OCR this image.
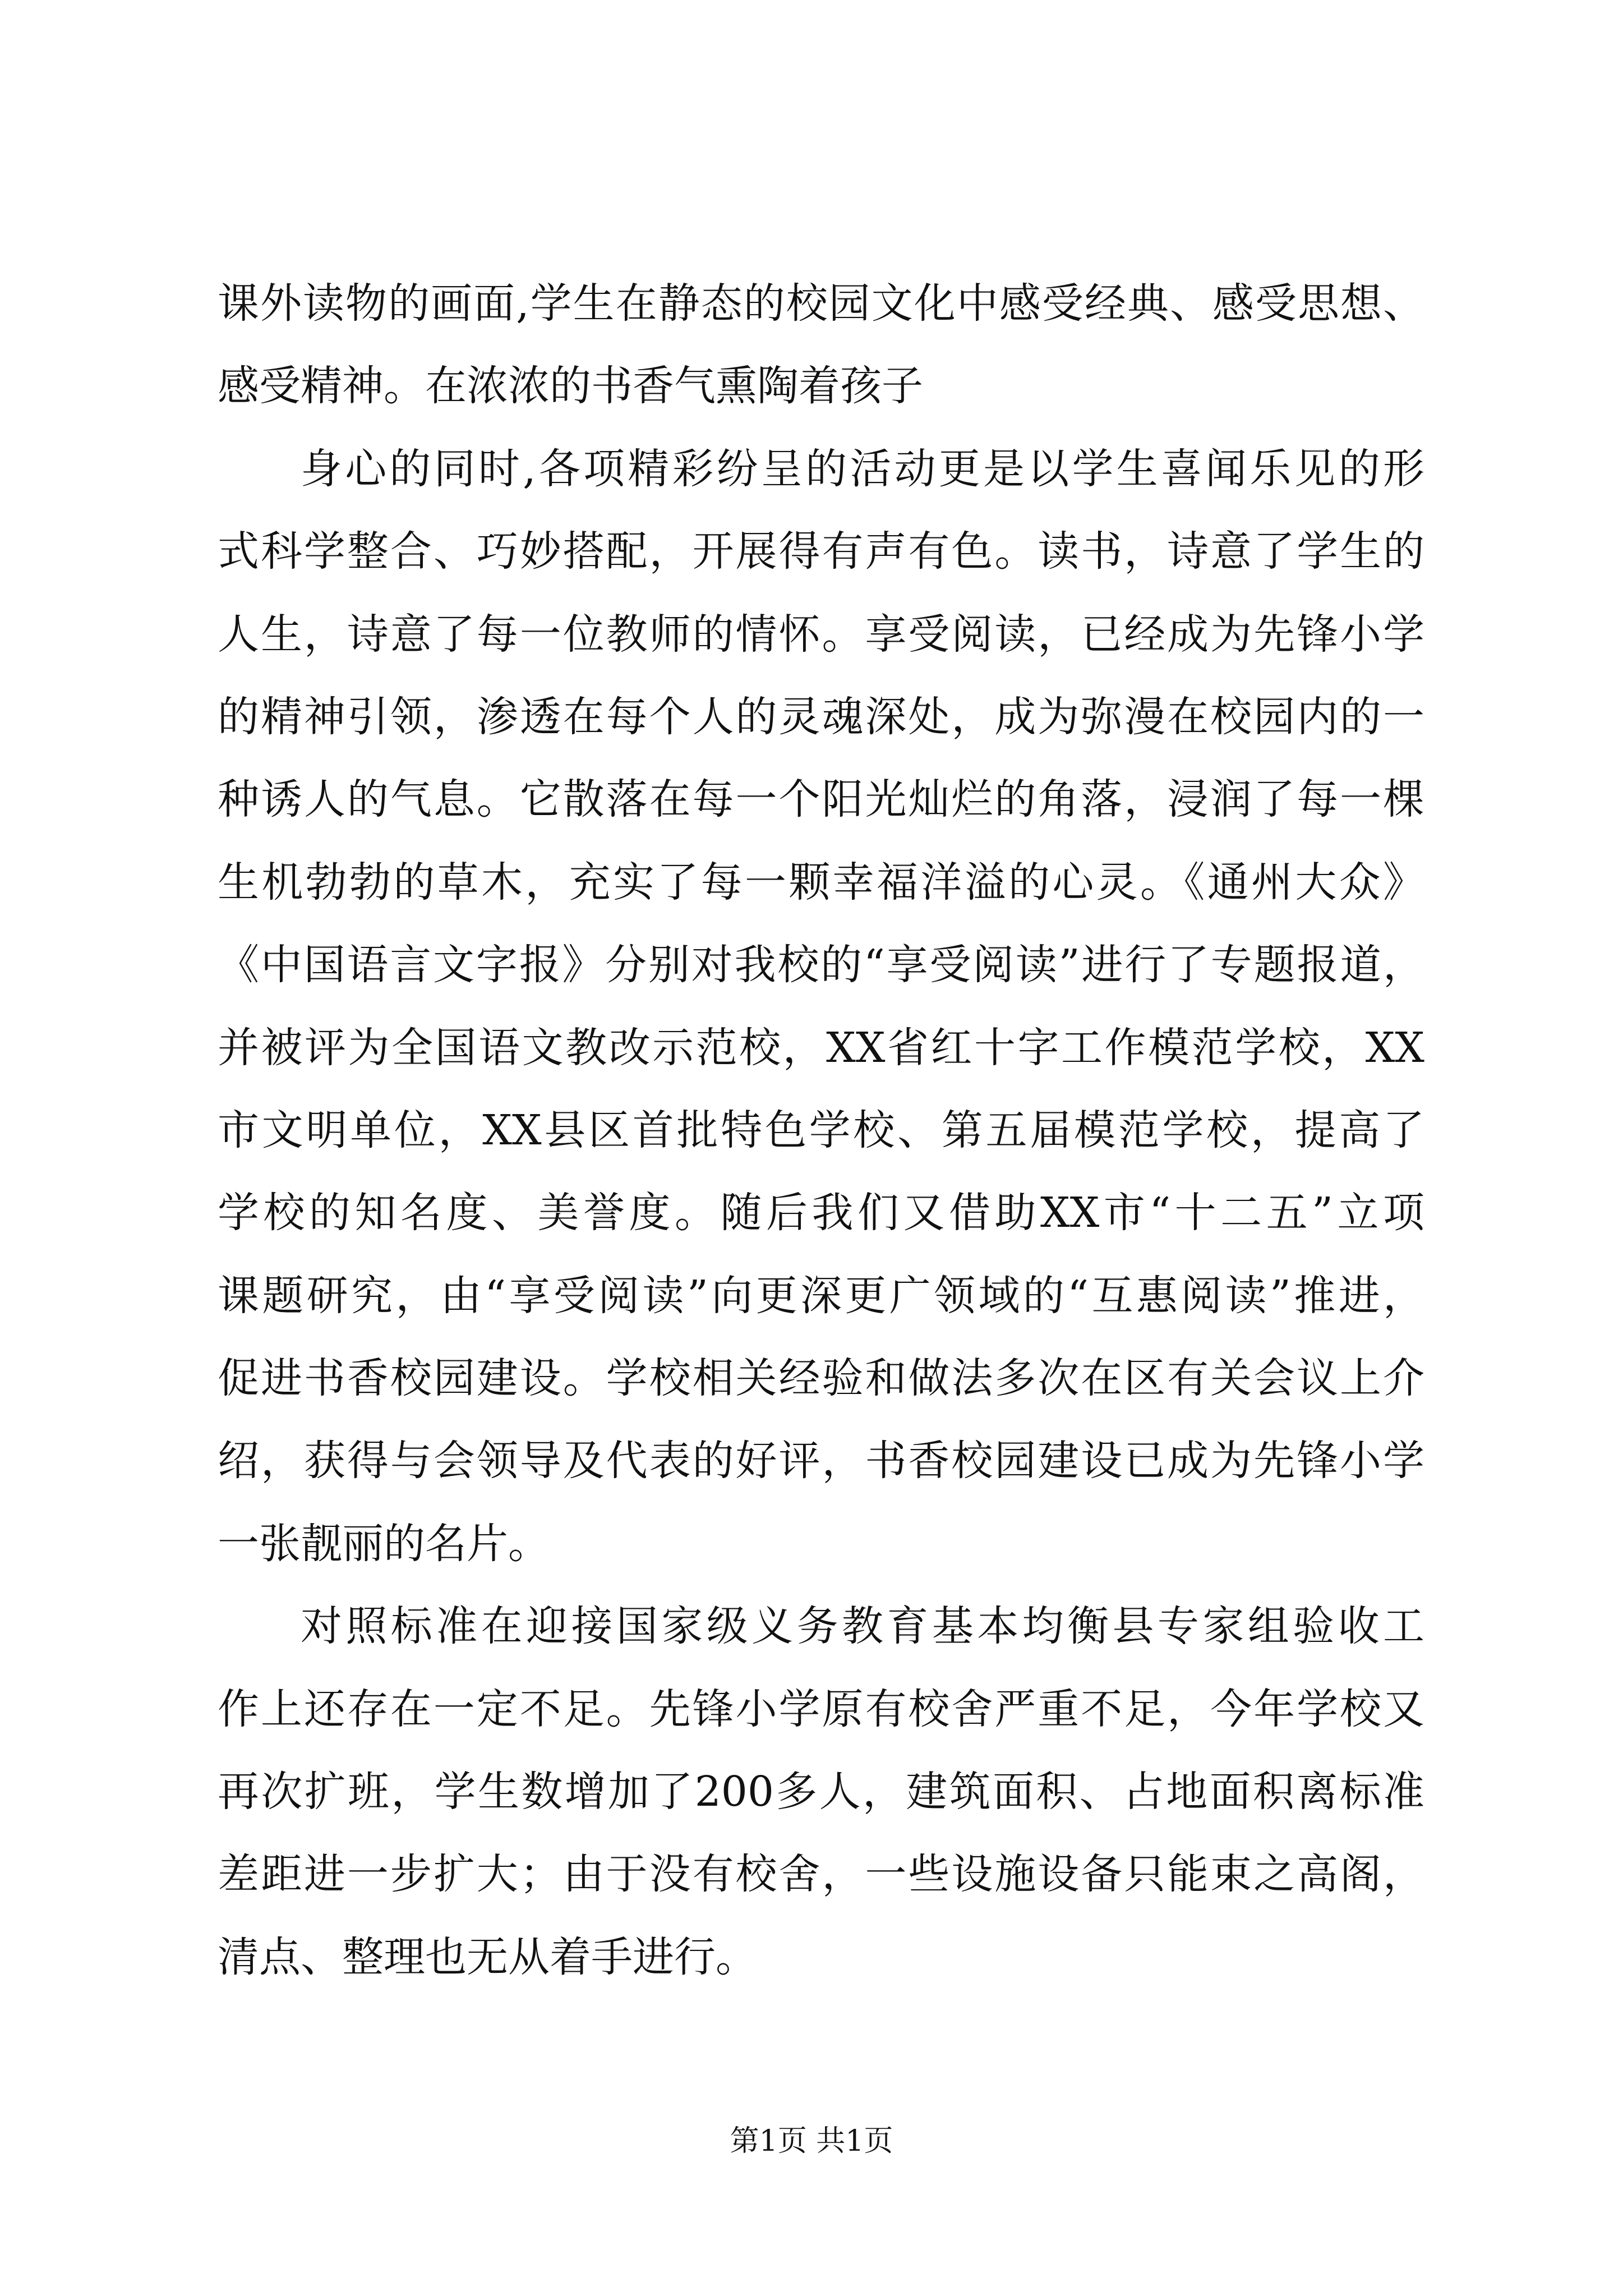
课外读物的画面,学生在静态的校园文化中感受经典、感受思想、
感受精神。在浓浓的书香气熏陶着孩子
身心的同时,各项精彩纷呈的活动更是以学生喜闻乐见的形
式科学整合、巧妙搭配，开展得有声有色。读书，诗意了学生的
人生，诗意了每一位教师的情怀。享受阅读，已经成为先锋小学
的精神引领，渗透在每个人的灵魂深处，成为弥漫在校园内的一
种诱人的气息。它散落在每一个阳光灿烂的角落，浸润了每一棵
生机勃勃的草木，充实了每一颗幸福洋溢的心灵。《通州大众》
《中国语言文字报》分别对我校的“享受阅读”进行了专题报道，
并被评为全国语文教改示范校，XX省红十字工作模范学校，XX
市文明单位，XX县区首批特色学校、第五届模范学校，提高了
学校的知名度、美誉度。随后我们又借助XX市“十二五”立项
课题研究，由“享受阅读”向更深更广领域的“互惠阅读”推进，
促进书香校园建设。学校相关经验和做法多次在区有关会议上介
绍，获得与会领导及代表的好评，书香校园建设已成为先锋小学
一张靓丽的名片。
对照标准在迎接国家级义务教育基本均衡县专家组验收工
作上还存在一定不足。先锋小学原有校舍严重不足，今年学校又
再次扩班，学生数增加了200多人，建筑面积、占地面积离标准
差距进一步扩大；由于没有校舍，一些设施设备只能束之高阁，
清点、整理也无从着手进行。
第1页 共1页
